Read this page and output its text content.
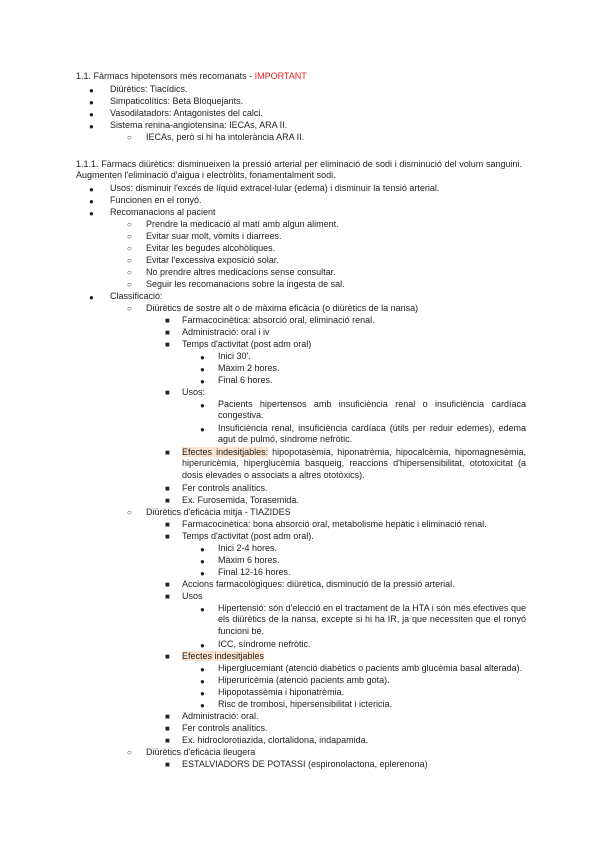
1.1. Fàrmacs hipotensors més recomanats - IMPORTANT
● Diürètics: Tiacídics.
● Simpaticolítics: Beta Bloquejants.
● Vasodilatadors: Antagonistes del calci.
● Sistema renina-angiotensina: IECAs, ARA II.
○ IECAs, però si hi ha intolerància ARA II.

1.1.1. Fàrmacs diürètics: disminueixen la pressió arterial per eliminació de sodi i disminució del volum sanguini. Augmenten l'eliminació d'aigua i electròlits, fonamentalment sodi.

● Usos: disminuir l'excés de líquid extracel·lular (edema) i disminuir la tensió arterial.
● Funcionen en el ronyó.
● Recomanacions al pacient
○ Prendre la medicació al matí amb algun aliment.
○ Evitar suar molt, vòmits i diarrees.
○ Evitar les begudes alcohòliques.
○ Evitar l'excessiva exposició solar.
○ No prendre altres medicacions sense consultar.
○ Seguir les recomanacions sobre la ingesta de sal.
● Classificació:
○ Diürètics de sostre alt o de màxima eficàcia (o diürètics de la nansa)
■ Farmacocinètica: absorció oral, eliminació renal.
■ Administració: oral i iv
■ Temps d'activitat (post adm oral)
● Inici 30'.
● Màxim 2 hores.
● Final 6 hores.
■ Usos:
● Pacients hipertensos amb insuficiència renal o insuficiència cardíaca congestiva.

● Insuficiència renal, insuficiència cardíaca (útils per reduir edemes), edema agut de pulmó, síndrome nefròtic.

■ Efectes indesitjables: hipopotasèmia, hiponatrèmia, hipocalcèmia, hipomagnesèmia, hiperuricèmia, hiperglucèmia basqueig, reaccions d'hipersensibilitat, ototoxicitat (a dosis elevades o associats a altres ototòxics).

■ Fer controls analítics.
■ Ex. Furosemida, Torasemida.
○ Diürètics d'eficàcia mitja - TIAZIDES
■ Farmacocinètica: bona absorció oral, metabolisme hepàtic i eliminació renal.
■ Temps d'activitat (post adm oral).
● Inici 2-4 hores.
● Màxim 6 hores.
● Final 12-16 hores.
■ Accions farmacològiques: diürètica, disminució de la pressió arterial.
■ Usos
● Hipertensió: són d'elecció en el tractament de la HTA i són més efectives que els diürètics de la nansa, excepte si hi ha IR, ja que necessiten que el ronyó funcioni bé.

● ICC, síndrome nefròtic.
■ Efectes indesitjables
● Hiperglucemiant (atenció diabètics o pacients amb glucèmia basal alterada).
● Hiperuricèmia (atenció pacients amb gota).
● Hipopotassèmia i hiponatrèmia.
● Risc de trombosi, hipersensibilitat i ictericia.
■ Administració: oral.
■ Fer controls analítics.
■ Ex. hidroclorotiazida, clortalidona, indapamida.
○ Diürètics d'eficàcia lleugera
■ ESTALVIADORS DE POTASSI (espironolactona, eplerenona)
